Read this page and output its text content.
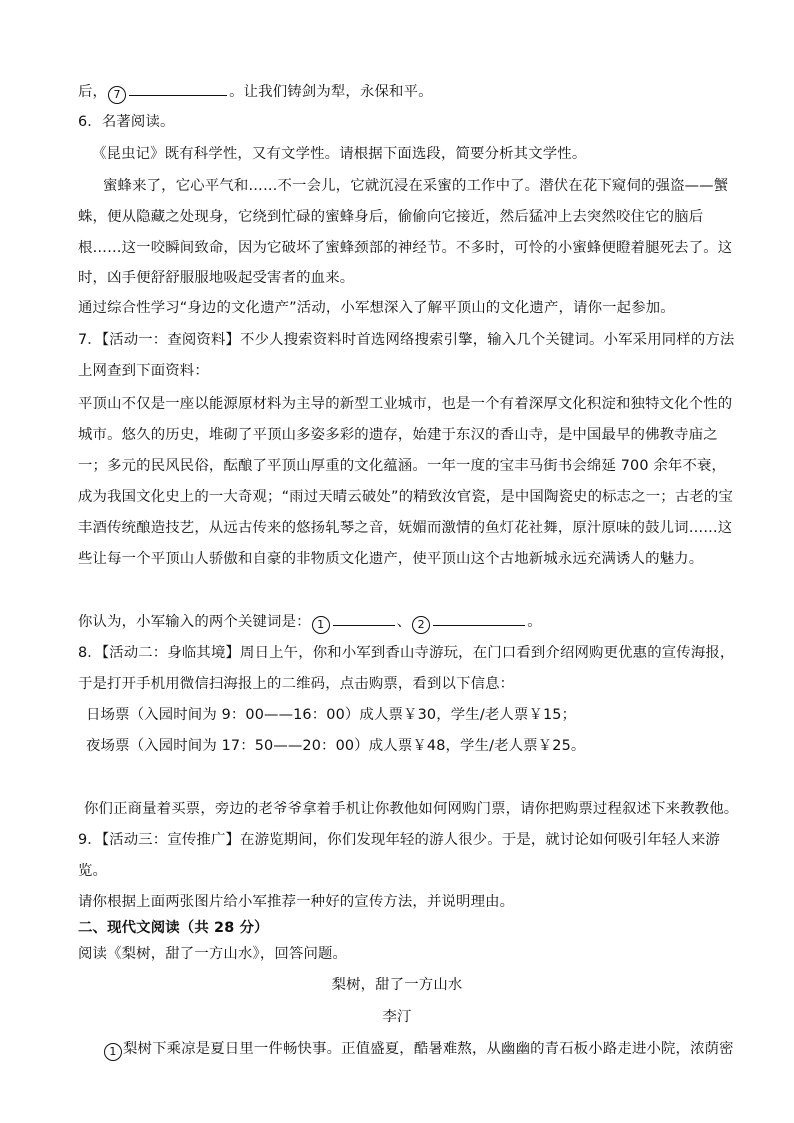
后， 7	。让我们铸剑为犁，永保和平。
6．名著阅读。
《昆虫记》既有科学性，又有文学性。请根据下面选段，简要分析其文学性。
蜜蜂来了，它心平气和……不一会儿，它就沉浸在采蜜的工作中了。潜伏在花下窥伺的强盗——蟹
蛛，便从隐藏之处现身，它绕到忙碌的蜜蜂身后，偷偷向它接近，然后猛冲上去突然咬住它的脑后
根……这一咬瞬间致命，因为它破坏了蜜蜂颈部的神经节。不多时，可怜的小蜜蜂便瞪着腿死去了。这
时，凶手便舒舒服服地吸起受害者的血来。
通过综合性学习“身边的文化遗产”活动，小军想深入了解平顶山的文化遗产，请你一起参加。
7．【活动一：查阅资料】不少人搜索资料时首选网络搜索引擎，输入几个关键词。小军采用同样的方法
上网查到下面资料：
平顶山不仅是一座以能源原材料为主导的新型工业城市，也是一个有着深厚文化积淀和独特文化个性的
城市。悠久的历史，堆砌了平顶山多姿多彩的遗存，始建于东汉的香山寺，是中国最早的佛教寺庙之
一；多元的民风民俗，酝酿了平顶山厚重的文化蕴涵。一年一度的宝丰马街书会绵延 700 余年不衰，
成为我国文化史上的一大奇观；“雨过天晴云破处”的精致汝官瓷，是中国陶瓷史的标志之一；古老的宝
丰酒传统酿造技艺，从远古传来的悠扬轧琴之音，妩媚而激情的鱼灯花社舞，原汁原味的鼓儿词……这
些让每一个平顶山人骄傲和自豪的非物质文化遗产，使平顶山这个古地新城永远充满诱人的魅力。
你认为，小军输入的两个关键词是： 1	、 2	。
8．【活动二：身临其境】周日上午，你和小军到香山寺游玩，在门口看到介绍网购更优惠的宣传海报，
于是打开手机用微信扫海报上的二维码，点击购票，看到以下信息：
日场票（入园时间为 9：00——16：00）成人票￥30，学生/老人票￥15；
夜场票（入园时间为 17：50——20：00）成人票￥48，学生/老人票￥25。
你们正商量着买票，旁边的老爷爷拿着手机让你教他如何网购门票，请你把购票过程叙述下来教教他。
9．【活动三：宣传推广】在游览期间，你们发现年轻的游人很少。于是，就讨论如何吸引年轻人来游
览。
请你根据上面两张图片给小军推荐一种好的宣传方法，并说明理由。
二、现代文阅读（共 28 分）
阅读《梨树，甜了一方山水》，回答问题。
梨树，甜了一方山水
李汀
1 梨树下乘凉是夏日里一件畅快事。正值盛夏，酷暑难熬，从幽幽的青石板小路走进小院，浓荫密
